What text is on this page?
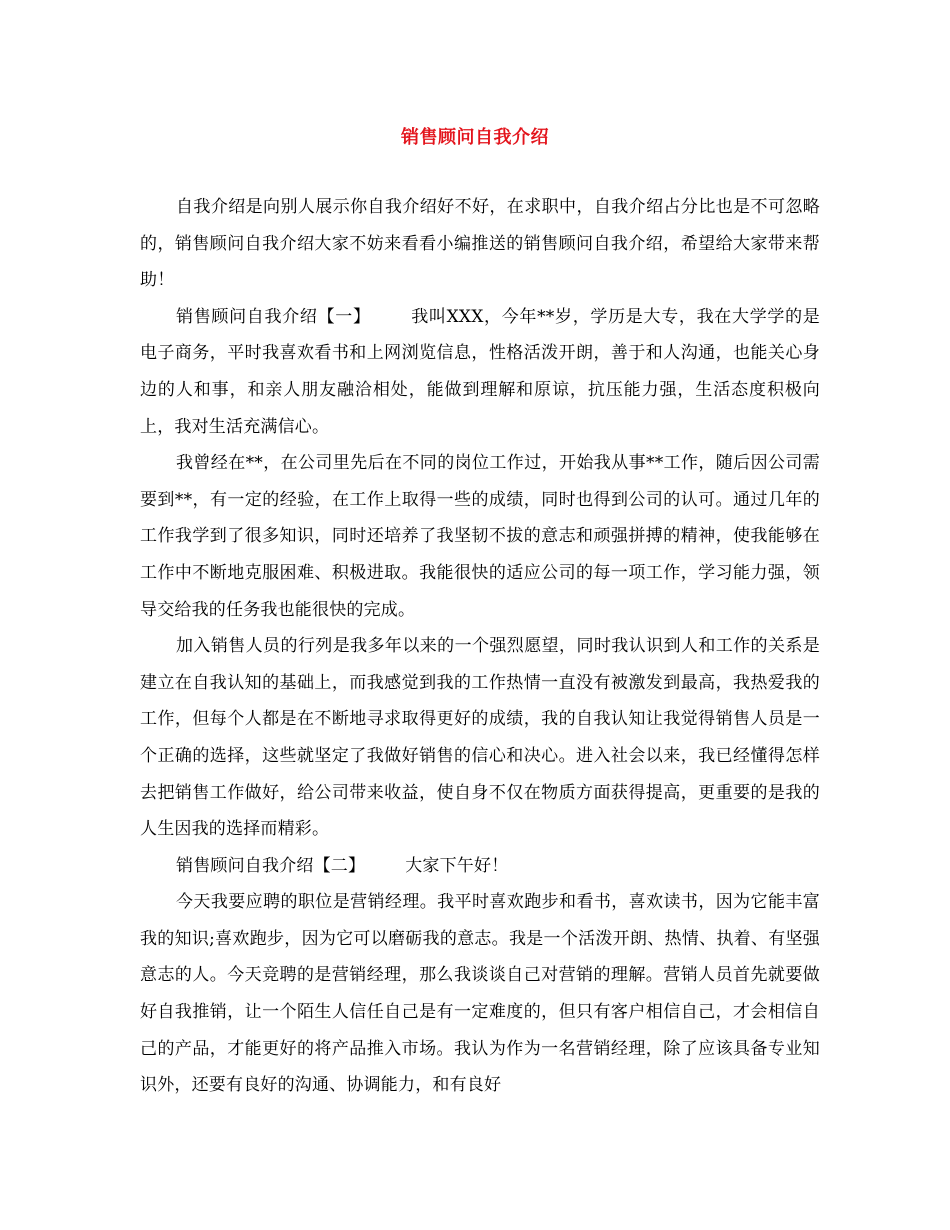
销售顾问自我介绍

自我介绍是向别人展示你自我介绍好不好，在求职中，自我介绍占分比也是不可忽略的，销售顾问自我介绍大家不妨来看看小编推送的销售顾问自我介绍，希望给大家带来帮助！

销售顾问自我介绍【一】 我叫XXX，今年**岁，学历是大专，我在大学学的是电子商务，平时我喜欢看书和上网浏览信息，性格活泼开朗，善于和人沟通，也能关心身边的人和事，和亲人朋友融洽相处，能做到理解和原谅，抗压能力强，生活态度积极向上，我对生活充满信心。

我曾经在**，在公司里先后在不同的岗位工作过，开始我从事**工作，随后因公司需要到**，有一定的经验，在工作上取得一些的成绩，同时也得到公司的认可。通过几年的工作我学到了很多知识，同时还培养了我坚韧不拔的意志和顽强拼搏的精神，使我能够在工作中不断地克服困难、积极进取。我能很快的适应公司的每一项工作，学习能力强，领导交给我的任务我也能很快的完成。

加入销售人员的行列是我多年以来的一个强烈愿望，同时我认识到人和工作的关系是建立在自我认知的基础上，而我感觉到我的工作热情一直没有被激发到最高，我热爱我的工作，但每个人都是在不断地寻求取得更好的成绩，我的自我认知让我觉得销售人员是一个正确的选择，这些就坚定了我做好销售的信心和决心。进入社会以来，我已经懂得怎样去把销售工作做好，给公司带来收益，使自身不仅在物质方面获得提高，更重要的是我的人生因我的选择而精彩。

销售顾问自我介绍【二】 大家下午好！

今天我要应聘的职位是营销经理。我平时喜欢跑步和看书，喜欢读书，因为它能丰富我的知识;喜欢跑步，因为它可以磨砺我的意志。我是一个活泼开朗、热情、执着、有坚强意志的人。今天竞聘的是营销经理，那么我谈谈自己对营销的理解。营销人员首先就要做好自我推销，让一个陌生人信任自己是有一定难度的，但只有客户相信自己，才会相信自己的产品，才能更好的将产品推入市场。我认为作为一名营销经理，除了应该具备专业知识外，还要有良好的沟通、协调能力，和有良好
